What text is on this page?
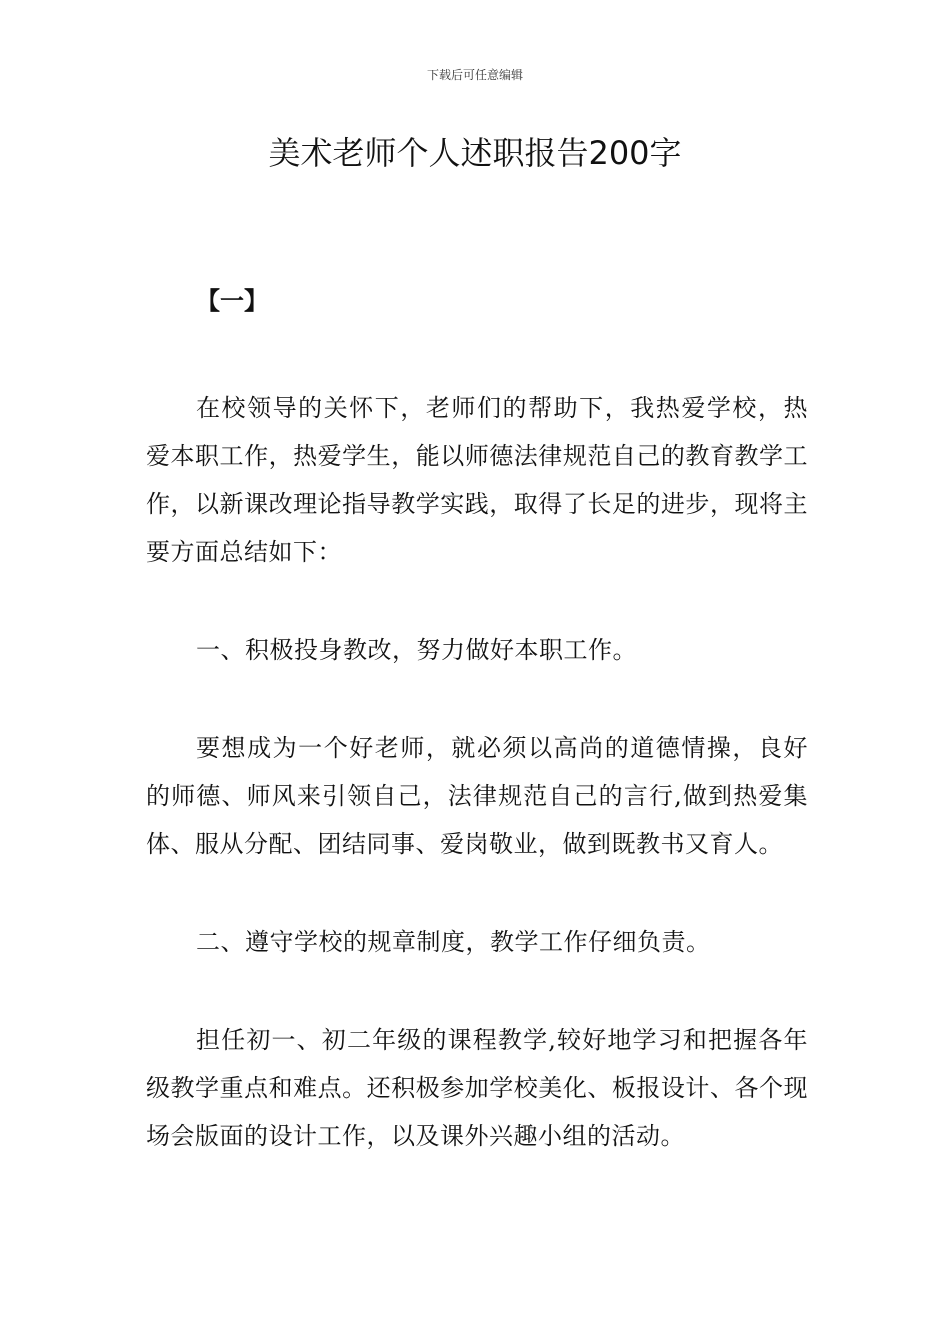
下载后可任意编辑
美术老师个人述职报告200字

【一】

在校领导的关怀下，老师们的帮助下，我热爱学校，热爱本职工作，热爱学生，能以师德法律规范自己的教育教学工作，以新课改理论指导教学实践，取得了长足的进步，现将主要方面总结如下：

一、积极投身教改，努力做好本职工作。

要想成为一个好老师，就必须以高尚的道德情操，良好的师德、师风来引领自己，法律规范自己的言行,做到热爱集体、服从分配、团结同事、爱岗敬业，做到既教书又育人。

二、遵守学校的规章制度，教学工作仔细负责。

担任初一、初二年级的课程教学,较好地学习和把握各年级教学重点和难点。还积极参加学校美化、板报设计、各个现场会版面的设计工作，以及课外兴趣小组的活动。
